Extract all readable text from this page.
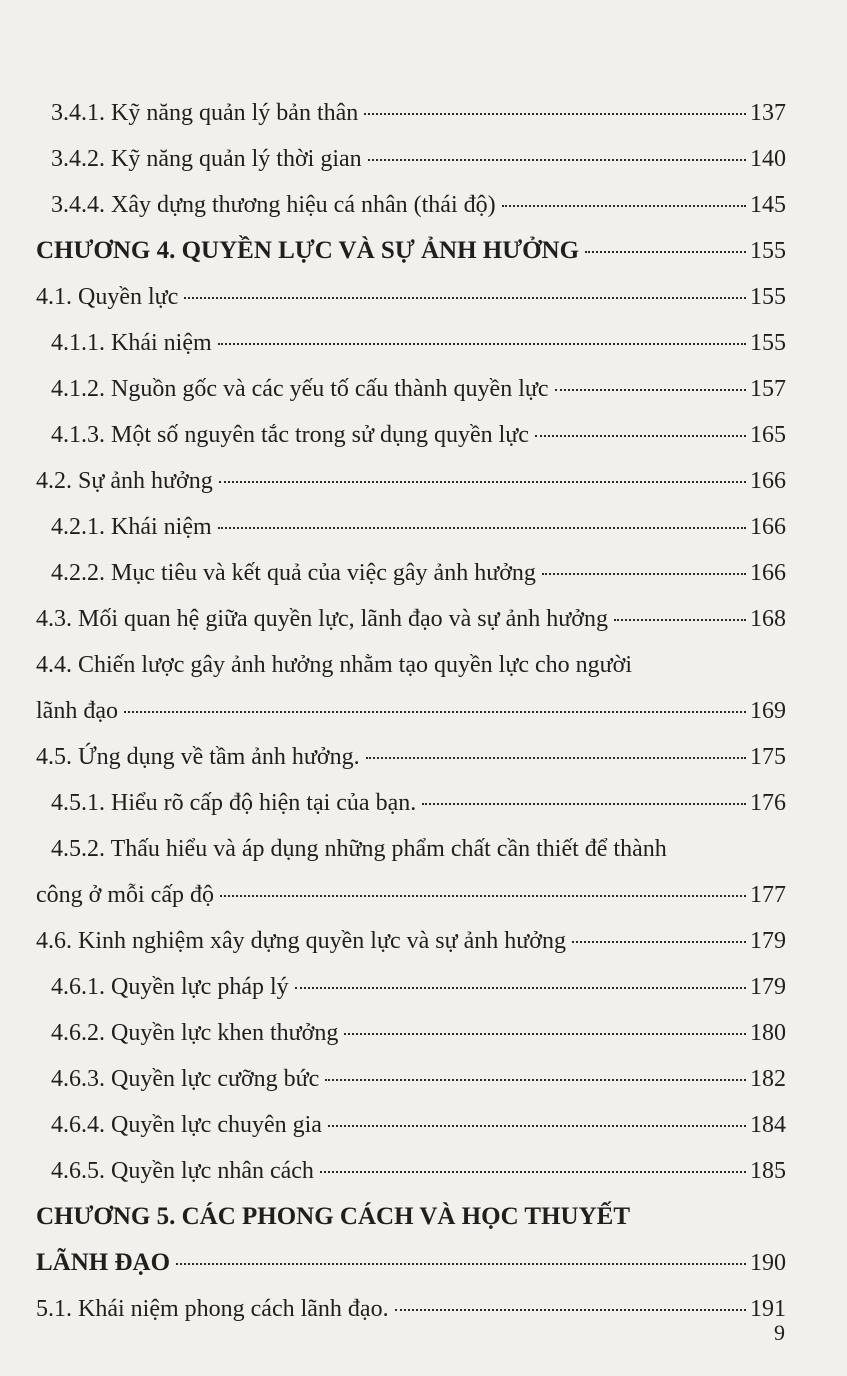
3.4.1. Kỹ năng quản lý bản thân	137
3.4.2. Kỹ năng quản lý thời gian	140
3.4.4. Xây dựng thương hiệu cá nhân (thái độ)	145
CHƯƠNG 4. QUYỀN LỰC VÀ SỰ ẢNH HƯỞNG	155
4.1. Quyền lực	155
4.1.1. Khái niệm	155
4.1.2. Nguồn gốc và các yếu tố cấu thành quyền lực	157
4.1.3. Một số nguyên tắc trong sử dụng quyền lực	165
4.2. Sự ảnh hưởng	166
4.2.1. Khái niệm	166
4.2.2. Mục tiêu và kết quả của việc gây ảnh hưởng	166
4.3. Mối quan hệ giữa quyền lực, lãnh đạo và sự ảnh hưởng	168
4.4. Chiến lược gây ảnh hưởng nhằm tạo quyền lực cho người
lãnh đạo	169
4.5. Ứng dụng về tầm ảnh hưởng.	175
4.5.1. Hiểu rõ cấp độ hiện tại của bạn.	176
4.5.2. Thấu hiểu và áp dụng những phẩm chất cần thiết để thành
công ở mỗi cấp độ	177
4.6. Kinh nghiệm xây dựng quyền lực và sự ảnh hưởng	179
4.6.1. Quyền lực pháp lý	179
4.6.2. Quyền lực khen thưởng	180
4.6.3. Quyền lực cưỡng bức	182
4.6.4. Quyền lực chuyên gia	184
4.6.5. Quyền lực nhân cách	185
CHƯƠNG 5. CÁC PHONG CÁCH VÀ HỌC THUYẾT
LÃNH ĐẠO	190
5.1. Khái niệm phong cách lãnh đạo.	191
9
